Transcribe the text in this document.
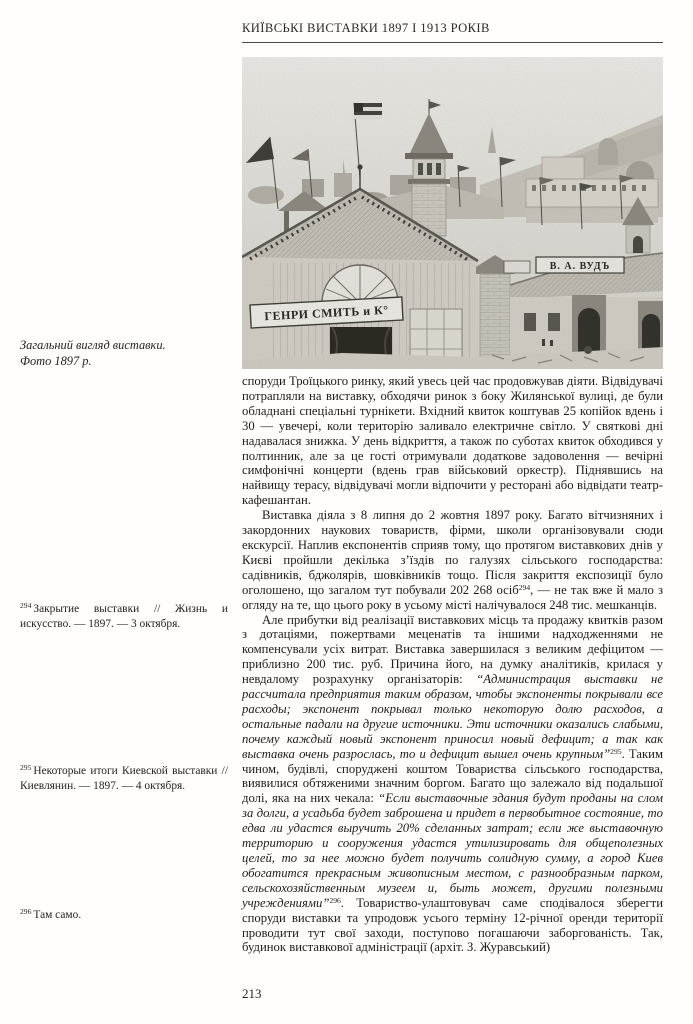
КИЇВСЬКІ ВИСТАВКИ 1897 І 1913 РОКІВ
ГЕНРИ СМИТЬ и К°
В. А. ВУДЪ
Загальний вигляд виставки.
Фото 1897 р.
$^{294}$ Закрытие выставки // Жизнь и искусство. — 1897. — 3 октября.
$^{295}$ Некоторые итоги Киевской выставки // Киевлянин. — 1897. — 4 октября.
$^{296}$ Там само.

споруди Троїцького ринку, який увесь цей час продовжував діяти. Відвідувачі потрапляли на виставку, обходячи ринок з боку Жилянської вулиці, де були обладнані спеціальні турнікети. Вхідний квиток коштував 25 копійок вдень і 30 — увечері, коли територію заливало електричне світло. У святкові дні надавалася знижка. У день відкриття, а також по суботах квиток обходився у полтинник, але за це гості отримували додаткове задоволення — вечірні симфонічні концерти (вдень грав військовий оркестр). Піднявшись на найвищу терасу, відвідувачі могли відпочити у ресторані або відвідати театр-кафешантан.

Виставка діяла з 8 липня до 2 жовтня 1897 року. Багато вітчизняних і закордонних наукових товариств, фірми, школи організовували сюди екскурсії. Наплив експонентів сприяв тому, що протягом виставкових днів у Києві пройшли декілька з’їздів по галузях сільського господарства: садівників, бджолярів, шовківників тощо. Після закриття експозиції було оголошено, що загалом тут побували 202 268 осіб$^{294}$, — не так вже й мало з огляду на те, що цього року в усьому місті налічувалося 248 тис. мешканців.

Але прибутки від реалізації виставкових місць та продажу квитків разом з дотаціями, пожертвами меценатів та іншими надходженнями не компенсували усіх витрат. Виставка завершилася з великим дефіцитом — приблизно 200 тис. руб. Причина його, на думку аналітиків, крилася у невдалому розрахунку організаторів: “Администрация выставки не рассчитала предприятия таким образом, чтобы экспоненты покрывали все расходы; экспонент покрывал только некоторую долю расходов, а остальные падали на другие источники. Эти источники оказались слабыми, почему каждый новый экспонент приносил новый дефицит; а так как выставка очень разрослась, то и дефицит вышел очень крупным”$^{295}$. Таким чином, будівлі, споруджені коштом Товариства сільського господарства, виявилися обтяженими значним боргом. Багато що залежало від подальшої долі, яка на них чекала: “Если выставочные здания будут проданы на слом за долги, а усадьба будет заброшена и придет в первобытное состояние, то едва ли удастся выручить 20% сделанных затрат; если же выставочную территорию и сооружения удастся утилизировать для общеполезных целей, то за нее можно будет получить солидную сумму, а город Киев обогатится прекрасным живописным местом, с разнообразным парком, сельскохозяйственным музеем и, быть может, другими полезными учреждениями”$^{296}$. Товариство-улаштовувач саме сподівалося зберегти споруди виставки та упродовж усього терміну 12-річної оренди території проводити тут свої заходи, поступово погашаючи заборгованість. Так, будинок виставкової адміністрації (архіт. З. Журавський)

213
